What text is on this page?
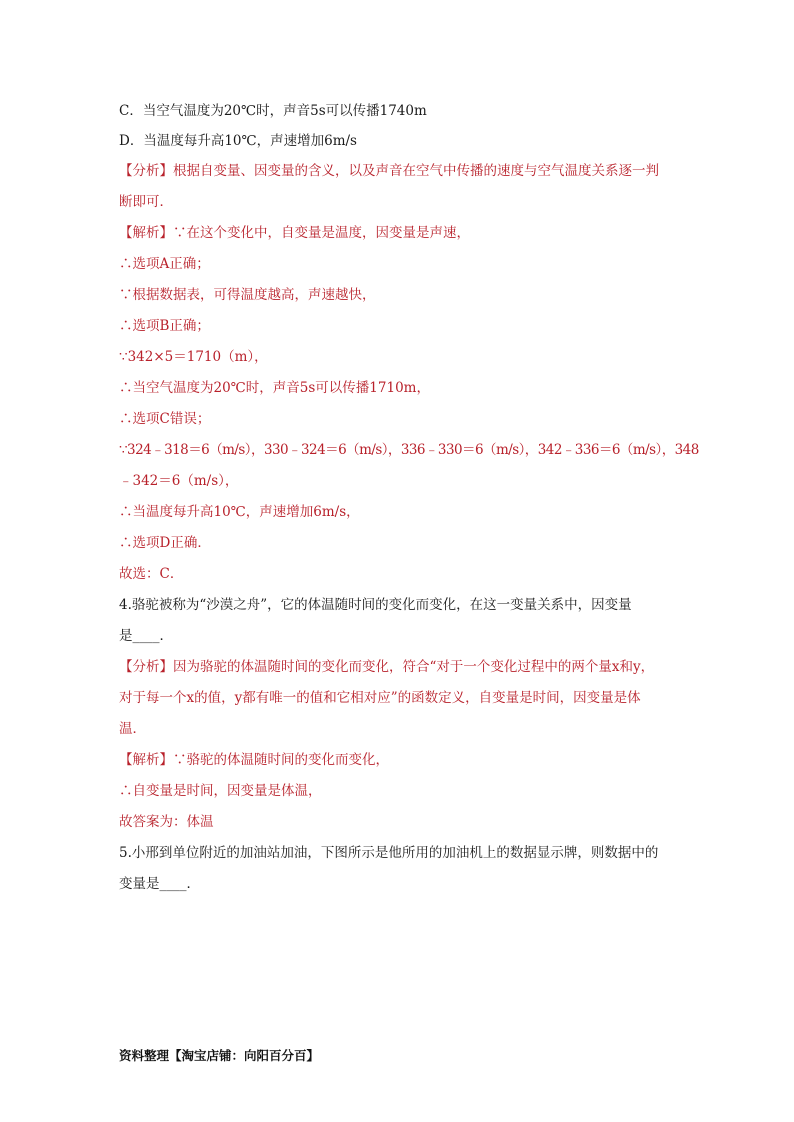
C．当空气温度为20℃时，声音5s可以传播1740m
D．当温度每升高10℃，声速增加6m/s
【分析】根据自变量、因变量的含义，以及声音在空气中传播的速度与空气温度关系逐一判
断即可．
【解析】∵在这个变化中，自变量是温度，因变量是声速，
∴选项A正确；
∵根据数据表，可得温度越高，声速越快，
∴选项B正确；
∵342×5＝1710（m），
∴当空气温度为20℃时，声音5s可以传播1710m，
∴选项C错误；
∵324﹣318＝6（m/s），330﹣324＝6（m/s），336﹣330＝6（m/s），342﹣336＝6（m/s），348
﹣342＝6（m/s），
∴当温度每升高10℃，声速增加6m/s，
∴选项D正确．
故选：C．
4.骆驼被称为“沙漠之舟”，它的体温随时间的变化而变化，在这一变量关系中，因变量
是____．
【分析】因为骆驼的体温随时间的变化而变化，符合“对于一个变化过程中的两个量x和y，
对于每一个x的值，y都有唯一的值和它相对应”的函数定义，自变量是时间，因变量是体
温．
【解析】∵骆驼的体温随时间的变化而变化，
∴自变量是时间，因变量是体温，
故答案为：体温
5.小邢到单位附近的加油站加油，下图所示是他所用的加油机上的数据显示牌，则数据中的
变量是____．
资料整理【淘宝店铺：向阳百分百】
